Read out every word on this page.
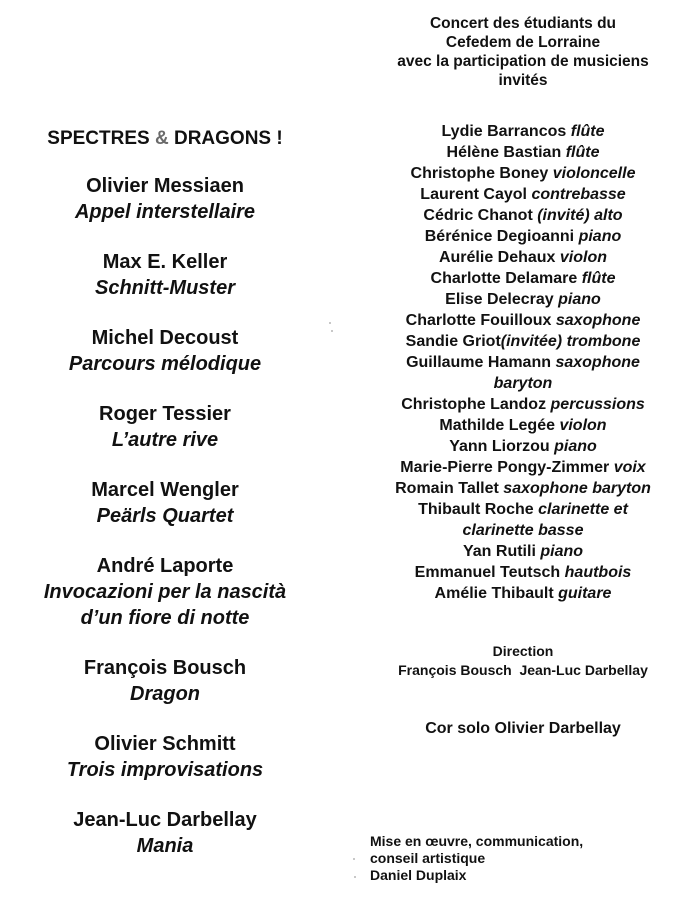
Concert des étudiants du
Cefedem de Lorraine
avec la participation de musiciens
invités
SPECTRES & DRAGONS !
Olivier Messiaen
Appel interstellaire
Max E. Keller
Schnitt-Muster
Michel Decoust
Parcours mélodique
Roger Tessier
L’autre rive
Marcel Wengler
Peärls Quartet
André Laporte
Invocazioni per la nascità
d’un fiore di notte
François Bousch
Dragon
Olivier Schmitt
Trois improvisations
Jean-Luc Darbellay
Mania
Lydie Barrancos flûte
Hélène Bastian flûte
Christophe Boney violoncelle
Laurent Cayol contrebasse
Cédric Chanot (invité) alto
Bérénice Degioanni piano
Aurélie Dehaux violon
Charlotte Delamare flûte
Elise Delecray piano
Charlotte Fouilloux saxophone
Sandie Griot(invitée) trombone
Guillaume Hamann saxophone
baryton
Christophe Landoz percussions
Mathilde Legée violon
Yann Liorzou piano
Marie-Pierre Pongy-Zimmer voix
Romain Tallet saxophone baryton
Thibault Roche clarinette et
clarinette basse
Yan Rutili piano
Emmanuel Teutsch hautbois
Amélie Thibault guitare
Direction
François Bousch  Jean-Luc Darbellay
Cor solo Olivier Darbellay
Mise en œuvre, communication,
conseil artistique
Daniel Duplaix
